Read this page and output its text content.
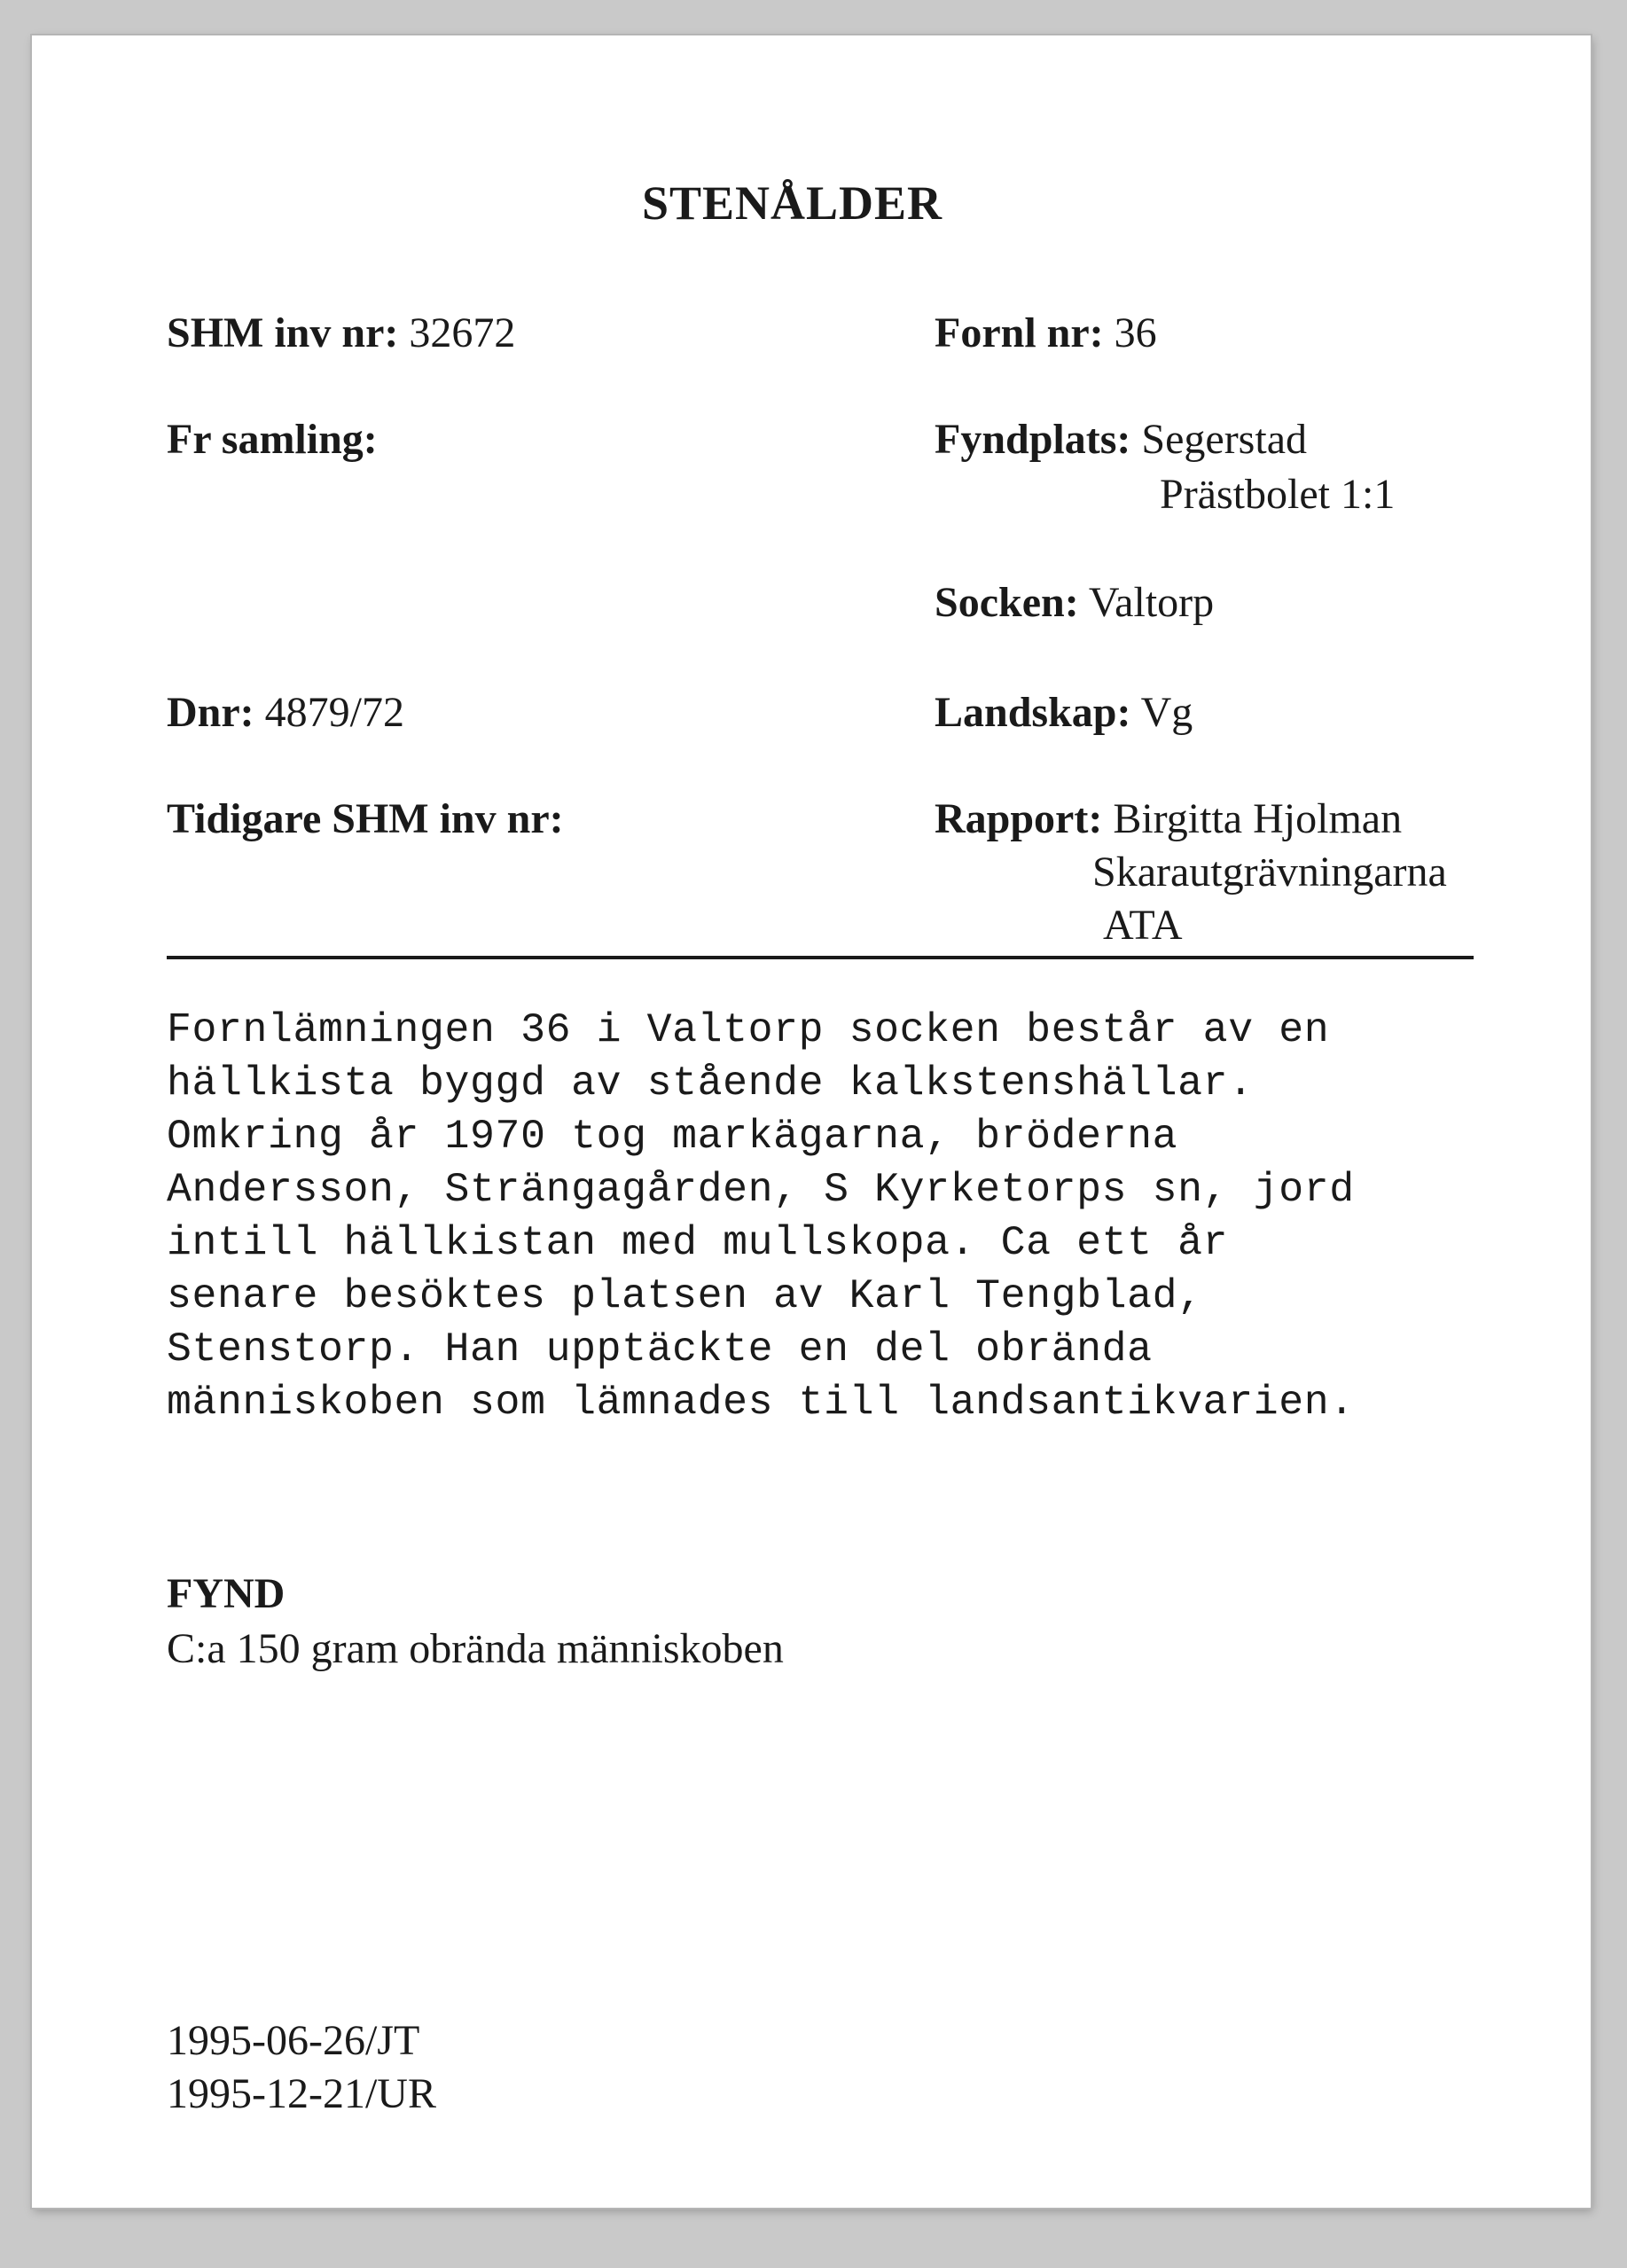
STENÅLDER
SHM inv nr: 32672
Fr samling:
Dnr: 4879/72
Tidigare SHM inv nr:
Fornl nr: 36
Fyndplats: Segerstad
Prästbolet 1:1
Socken: Valtorp
Landskap: Vg
Rapport: Birgitta Hjolman
Skarautgrävningarna
ATA
Fornlämningen 36 i Valtorp socken består av en
hällkista byggd av stående kalkstenshällar.
Omkring år 1970 tog markägarna, bröderna
Andersson, Strängagården, S Kyrketorps sn, jord
intill hällkistan med mullskopa. Ca ett år
senare besöktes platsen av Karl Tengblad,
Stenstorp. Han upptäckte en del obrända
människoben som lämnades till landsantikvarien.
FYND
C:a 150 gram obrända människoben
1995-06-26/JT
1995-12-21/UR
